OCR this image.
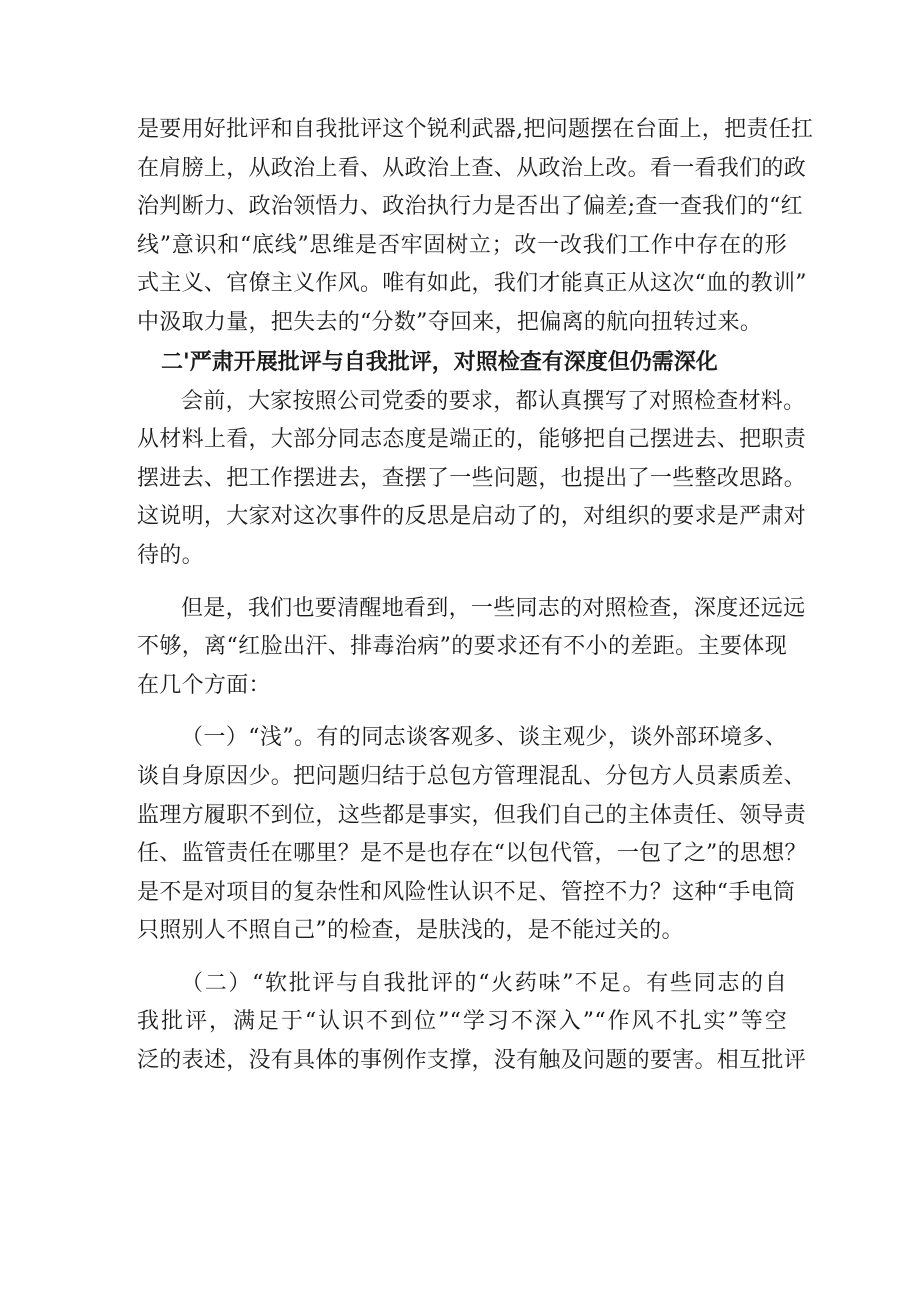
是要用好批评和自我批评这个锐利武器,把问题摆在台面上，把责任扛
在肩膀上，从政治上看、从政治上查、从政治上改。看一看我们的政
治判断力、政治领悟力、政治执行力是否出了偏差;查一查我们的“红
线”意识和“底线”思维是否牢固树立；改一改我们工作中存在的形
式主义、官僚主义作风。唯有如此，我们才能真正从这次“血的教训”
中汲取力量，把失去的“分数”夺回来，把偏离的航向扭转过来。
二'严肃开展批评与自我批评，对照检查有深度但仍需深化
会前，大家按照公司党委的要求，都认真撰写了对照检查材料。
从材料上看，大部分同志态度是端正的，能够把自己摆进去、把职责
摆进去、把工作摆进去，查摆了一些问题，也提出了一些整改思路。
这说明，大家对这次事件的反思是启动了的，对组织的要求是严肃对
待的。
但是，我们也要清醒地看到，一些同志的对照检查，深度还远远
不够，离“红脸出汗、排毒治病”的要求还有不小的差距。主要体现
在几个方面：
（一）“浅”。有的同志谈客观多、谈主观少，谈外部环境多、
谈自身原因少。把问题归结于总包方管理混乱、分包方人员素质差、
监理方履职不到位，这些都是事实，但我们自己的主体责任、领导责
任、监管责任在哪里？是不是也存在“以包代管，一包了之”的思想？
是不是对项目的复杂性和风险性认识不足、管控不力？这种“手电筒
只照别人不照自己”的检查，是肤浅的，是不能过关的。
（二）“软批评与自我批评的“火药味”不足。有些同志的自
我批评，满足于“认识不到位”“学习不深入”“作风不扎实”等空
泛的表述，没有具体的事例作支撑，没有触及问题的要害。相互批评
